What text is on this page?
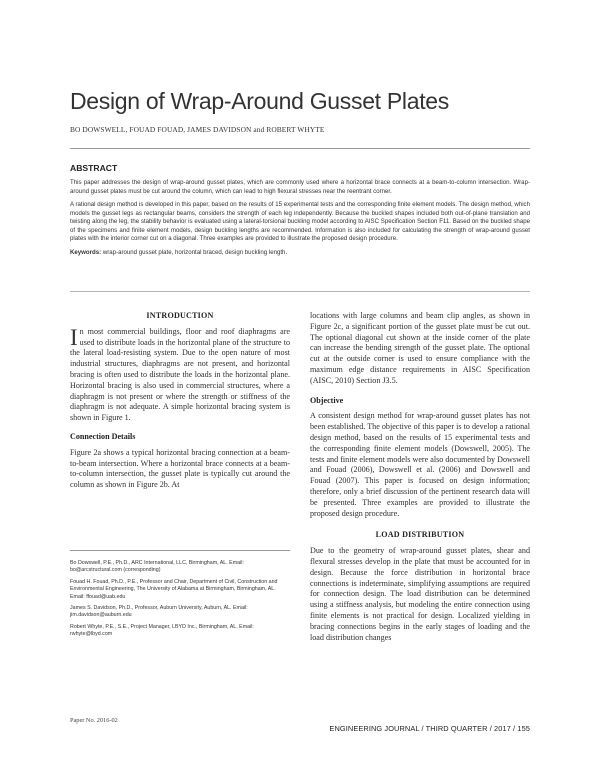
Design of Wrap-Around Gusset Plates
BO DOWSWELL, FOUAD FOUAD, JAMES DAVIDSON and ROBERT WHYTE
ABSTRACT

This paper addresses the design of wrap-around gusset plates, which are commonly used where a horizontal brace connects at a beam-to-column intersection. Wrap-around gusset plates must be cut around the column, which can lead to high flexural stresses near the reentrant corner.

A rational design method is developed in this paper, based on the results of 15 experimental tests and the corresponding finite element models. The design method, which models the gusset legs as rectangular beams, considers the strength of each leg independently. Because the buckled shapes included both out-of-plane translation and twisting along the leg, the stability behavior is evaluated using a lateral-torsional buckling model according to AISC Specification Section F11. Based on the buckled shape of the specimens and finite element models, design buckling lengths are recommended. Information is also included for calculating the strength of wrap-around gusset plates with the interior corner cut on a diagonal. Three examples are provided to illustrate the proposed design procedure.

Keywords: wrap-around gusset plate, horizontal braced, design buckling length.

INTRODUCTION

In most commercial buildings, floor and roof diaphragms are used to distribute loads in the horizontal plane of the structure to the lateral load-resisting system. Due to the open nature of most industrial structures, diaphragms are not present, and horizontal bracing is often used to distribute the loads in the horizontal plane. Horizontal bracing is also used in commercial structures, where a diaphragm is not present or where the strength or stiffness of the diaphragm is not adequate. A simple horizontal bracing system is shown in Figure 1.

Connection Details

Figure 2a shows a typical horizontal bracing connection at a beam-to-beam intersection. Where a horizontal brace connects at a beam-to-column intersection, the gusset plate is typically cut around the column as shown in Figure 2b. At

Bo Dowswell, P.E., Ph.D., ARC International, LLC, Birmingham, AL. Email: bo@arcstructural.com (corresponding)

Fouad H. Fouad, Ph.D., P.E., Professor and Chair, Department of Civil, Construction and Environmental Engineering, The University of Alabama at Birmingham, Birmingham, AL. Email: ffouad@uab.edu

James S. Davidson, Ph.D., Professor, Auburn University, Auburn, AL. Email: jim.davidson@auburn.edu

Robert Whyte, P.E., S.E., Project Manager, LBYD Inc., Birmingham, AL. Email: rwhyte@lbyd.com

Paper No. 2016-02

locations with large columns and beam clip angles, as shown in Figure 2c, a significant portion of the gusset plate must be cut out. The optional diagonal cut shown at the inside corner of the plate can increase the bending strength of the gusset plate. The optional cut at the outside corner is used to ensure compliance with the maximum edge distance requirements in AISC Specification (AISC, 2010) Section J3.5.

Objective

A consistent design method for wrap-around gusset plates has not been established. The objective of this paper is to develop a rational design method, based on the results of 15 experimental tests and the corresponding finite element models (Dowswell, 2005). The tests and finite element models were also documented by Dowswell and Fouad (2006), Dowswell et al. (2006) and Dowswell and Fouad (2007). This paper is focused on design information; therefore, only a brief discussion of the pertinent research data will be presented. Three examples are provided to illustrate the proposed design procedure.

LOAD DISTRIBUTION

Due to the geometry of wrap-around gusset plates, shear and flexural stresses develop in the plate that must be accounted for in design. Because the force distribution in horizontal brace connections is indeterminate, simplifying assumptions are required for connection design. The load distribution can be determined using a stiffness analysis, but modeling the entire connection using finite elements is not practical for design. Localized yielding in bracing connections begins in the early stages of loading and the load distribution changes

ENGINEERING JOURNAL / THIRD QUARTER / 2017 / 155
